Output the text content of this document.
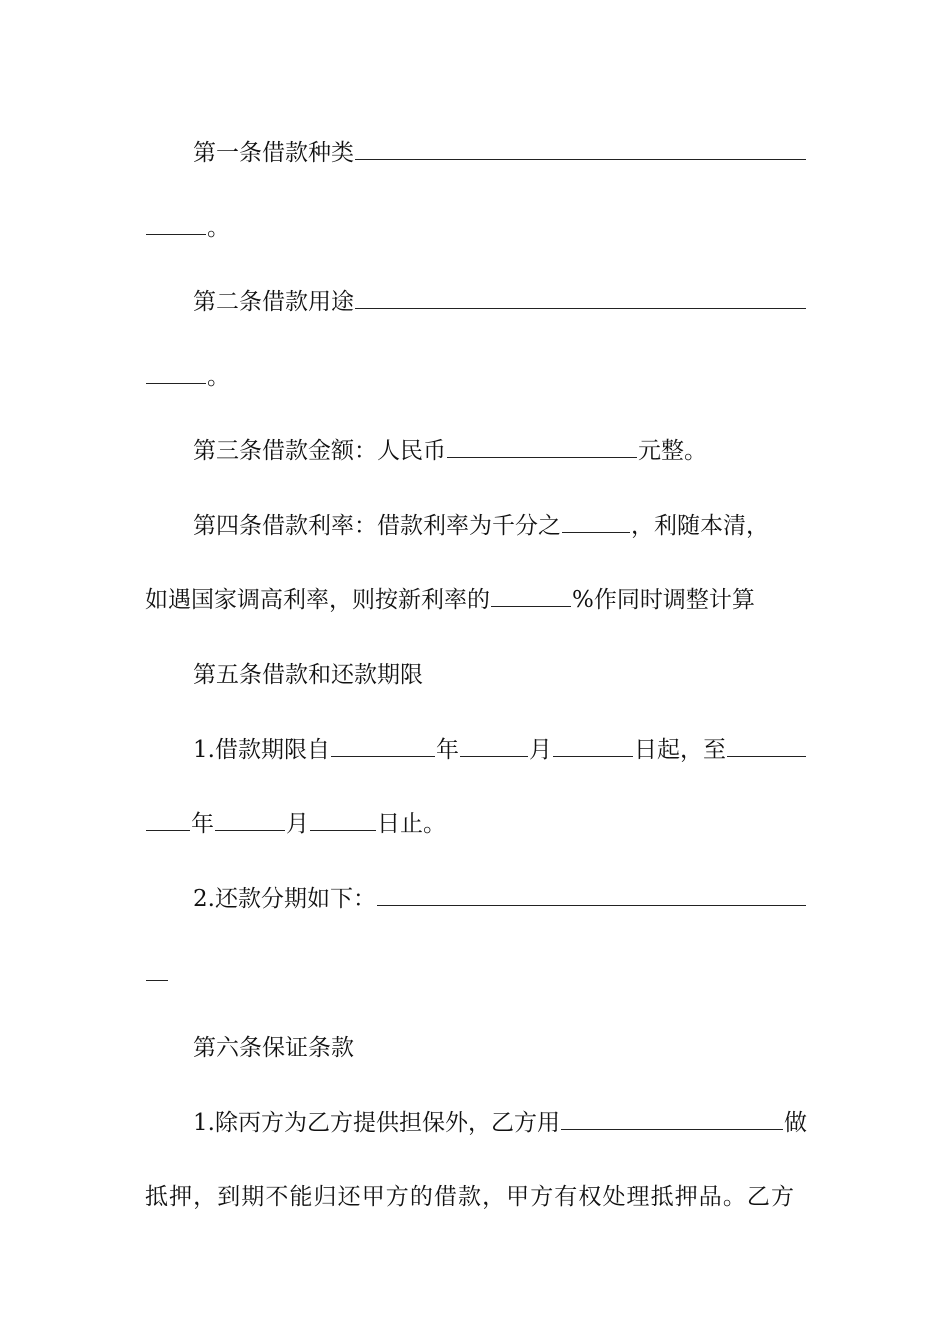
第一条借款种类
。
第二条借款用途
。
第三条借款金额：人民币	元整。
第四条借款利率：借款利率为千分之	，利随本清，
如遇国家调高利率，则按新利率的	%作同时调整计算
第五条借款和还款期限
1.借款期限自	年	月	日起，至
年	月	日止。
2.还款分期如下：
第六条保证条款
1.除丙方为乙方提供担保外，乙方用	做
抵押，到期不能归还甲方的借款，甲方有权处理抵押品。乙方
